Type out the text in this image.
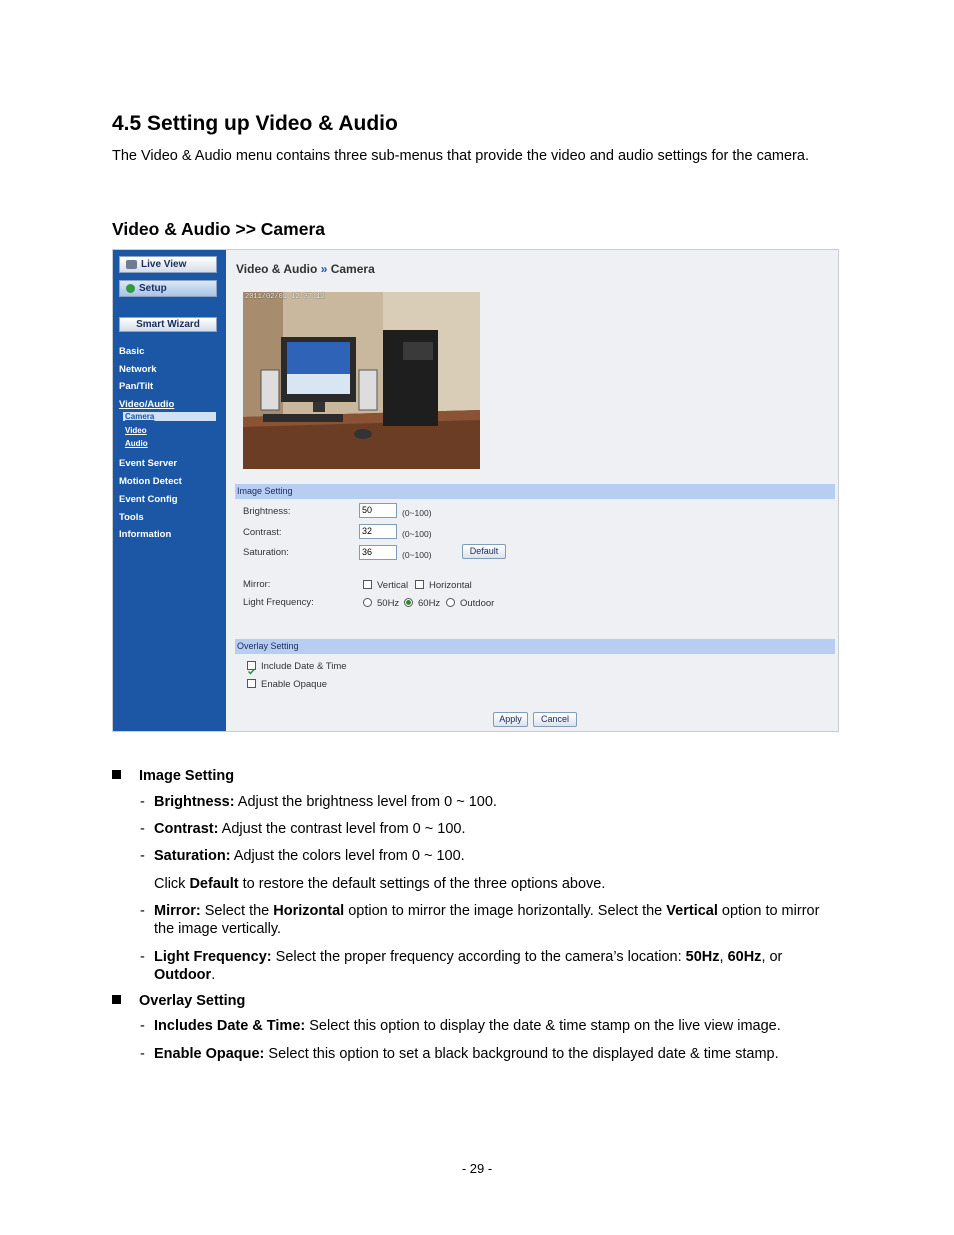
4.5 Setting up Video & Audio

The Video & Audio menu contains three sub-menus that provide the video and audio settings for the camera.

Video & Audio >> Camera
Live View
Setup
Smart Wizard
Basic
Network
Pan/Tilt
Video/Audio
Camera
Video
Audio
Event Server
Motion Detect
Event Config
Tools
Information
Video & Audio » Camera
2011/02/01 12:37:12
Image Setting
Brightness:	50	(0~100)
Contrast:	32	(0~100)
Saturation:	36	(0~100)	Default
Mirror:	Vertical Horizontal
Light Frequency:	50Hz 60Hz Outdoor
Overlay Setting
Include Date & Time
Enable Opaque
Apply	Cancel
Image Setting
- Brightness: Adjust the brightness level from 0 ~ 100.
- Contrast: Adjust the contrast level from 0 ~ 100.
- Saturation: Adjust the colors level from 0 ~ 100.
Click Default to restore the default settings of the three options above.
- Mirror: Select the Horizontal option to mirror the image horizontally. Select the Vertical option to mirror the image vertically.
- Light Frequency: Select the proper frequency according to the camera’s location: 50Hz, 60Hz, or Outdoor.
Overlay Setting
- Includes Date & Time: Select this option to display the date & time stamp on the live view image.
- Enable Opaque: Select this option to set a black background to the displayed date & time stamp.
- 29 -
